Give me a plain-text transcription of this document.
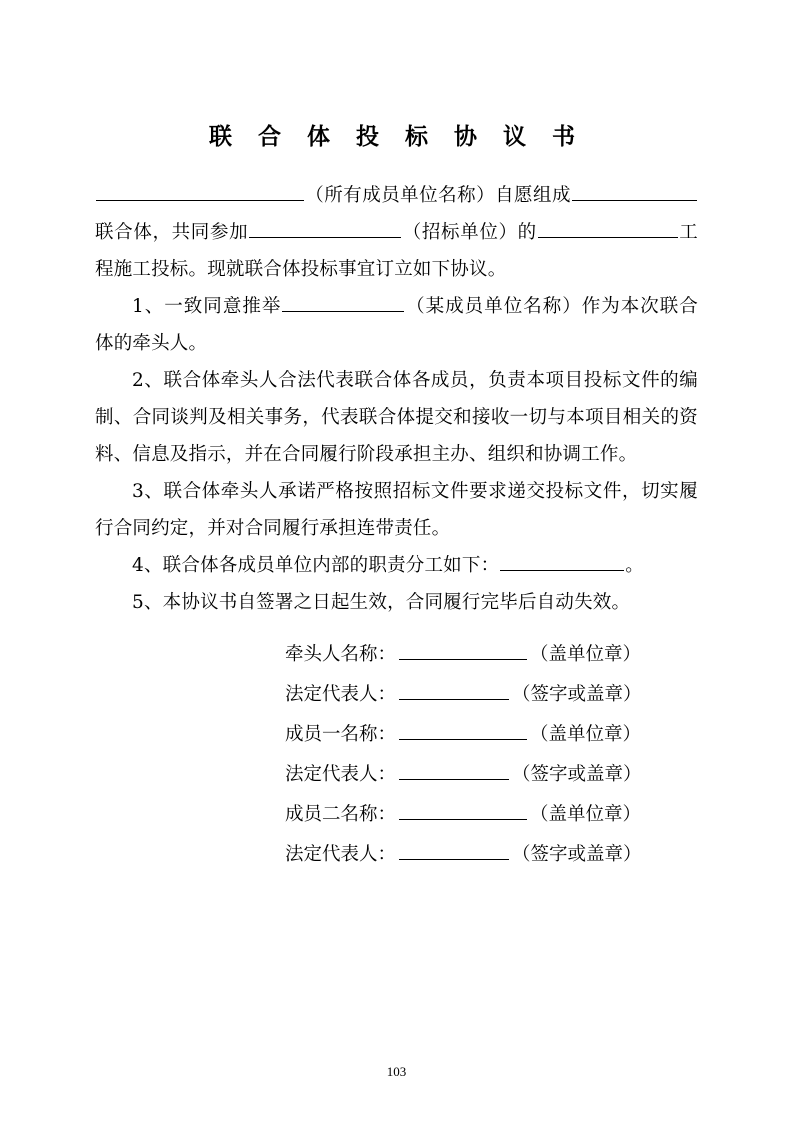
联 合 体 投 标 协 议 书
（所有成员单位名称）自愿组成联合体，共同参加	（招标单位）的	工程施工投标。现就联合体投标事宜订立如下协议。
1、一致同意推举	（某成员单位名称）作为本次联合体的牵头人。
2、联合体牵头人合法代表联合体各成员，负责本项目投标文件的编制、合同谈判及相关事务，代表联合体提交和接收一切与本项目相关的资料、信息及指示，并在合同履行阶段承担主办、组织和协调工作。
3、联合体牵头人承诺严格按照招标文件要求递交投标文件，切实履行合同约定，并对合同履行承担连带责任。
4、联合体各成员单位内部的职责分工如下：	。
5、本协议书自签署之日起生效，合同履行完毕后自动失效。
牵头人名称：	（盖单位章）
法定代表人：	（签字或盖章）
成员一名称：	（盖单位章）
法定代表人：	（签字或盖章）
成员二名称：	（盖单位章）
法定代表人：	（签字或盖章）
103
